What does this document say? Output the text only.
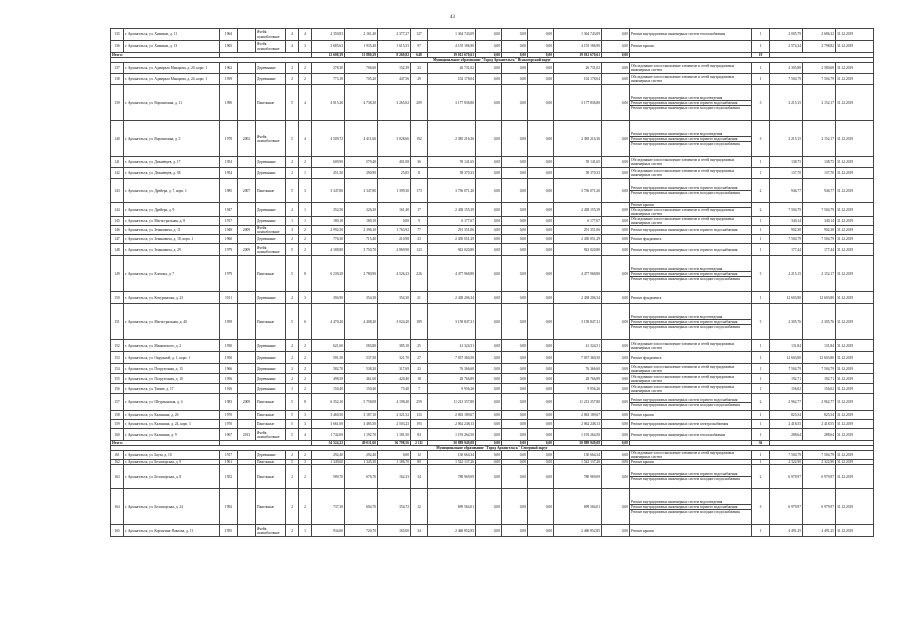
43
135	г. Архангельск, ул. Химиков, д. 11	1964		Ячейк шлакоблочные	4	4	2 350,83	2 161,40	2 377,27	127	1 364 743,09	0,00	0,00	0,00	1 364 743,09	0,00	Ремонт внутридомовых инженерных систем теплоснабжения	1	2 005,79	2 686,32	31.12.2019
136	г. Архангельск, ул. Химиков, д. 13	1965		Ячейк шлакоблочные	4	3	2 685,63	1 935,40	1 615,53	97	4 155 186,90	0,00	0,00	0,00	4 155 186,90	0,00	Ремонт крыши	1	2 574,34	2 798,82	31.12.2019
Итого:							12 608,39	11 880,29	8 269,82	648	19 012 670,61	0,00	0,00	0,00	19 012 670,61	0,00		19			
Муниципальное образование "Город Архангельск" Исакогорский округ																					
137	г. Архангельск, ул. Адмирала Макарова, д. 20, корп. 1	1962		Деревянные	2	2	278,30	706,60	152,39	23	26 731,02	0,00	0,00	0,00	26 731,02	0,00	Обследование и восстановление элементов и сетей внутридомовых инженерных систем	1	2 305,88	2 580,68	31.12.2019
138	г. Архангельск, ул. Адмирала Макарова, д. 24, корп. 1	1959		Деревянные	2	2	773,18	705,20	447,56	29	102 178,04	0,00	0,00	0,00	102 178,04	0,00	Обследование и восстановление элементов и сетей внутридомовых инженерных систем	1	7 504,79	7 504,79	31.12.2019
139	г. Архангельск, ул. Воронихина, д. 11	1990		Панельные	5	4	4 015,20	4 738,30	3 265,02	209	3 177 836,80	0,00	0,00	0,00	3 177 836,80	0,00	Ремонт внутридомовых инженерных систем водоотведения
Ремонт внутридомовых инженерных систем горячего водоснабжения
Ремонт внутридомовых инженерных систем холодного водоснабжения	3	2 215,15	2 152,17	31.12.2019
140	г. Архангельск, ул. Воронихина, д. 5	1978	2002	Ячейк шлакоблочные	5	4	4 509,72	4 411,60	3 028,66	192	2 385 216,36	0,00	0,00	0,00	2 385 216,36	0,00	Ремонт внутридомовых инженерных систем водоотведения
Ремонт внутридомовых инженерных систем горячего водоснабжения
Ремонт внутридомовых инженерных систем холодного водоснабжения	3	2 215,15	2 152,17	31.12.2019
141	г. Архангельск, ул. Дежнёвцев, д. 17	1954		Деревянные	2	2	609,90	579,40	401,08	36	59 141,65	0,00	0,00	0,00	59 141,65	0,00	Обследование и восстановление элементов и сетей внутридомовых инженерных систем	1	138,75	138,75	31.12.2019
142	г. Архангельск, ул. Дежнёвцев, д. 38	1954		Деревянные	2	1	451,50	290,90	25,85	11	58 370,33	0,00	0,00	0,00	58 370,33	0,00	Обследование и восстановление элементов и сетей внутридомовых инженерных систем	1	137,70	137,70	31.12.2019
143	г. Архангельск, ул. Дрейера, д. 7, корп. 1	1985	2007	Панельные	5	3	3 347,80	3 347,80	1 399,30	173	3 756 071,20	0,00	0,00	0,00	3 756 071,20	0,00	Ремонт внутридомовых инженерных систем горячего водоснабжения
Ремонт внутридомовых инженерных систем холодного водоснабжения	2	946,77	946,77	31.12.2019
144	г. Архангельск, ул. Дрейера, д. 9	1947		Деревянные	2	1	352,50	326,30	161,40	17	2 438 155,39	0,00	0,00	0,00	2 438 155,39	0,00	Ремонт крыши
Обследование и восстановление элементов и сетей внутридомовых инженерных систем	2	7 504,79	7 504,79	31.12.2019
145	г. Архангельск, ул. Магистральная, д. 8	1917		Деревянные	1	1	180,10	180,10	0,00	9	6 177,67	0,00	0,00	0,00	6 177,67	0,00	Обследование и восстановление элементов и сетей внутридомовых инженерных систем	1	340,14	340,14	31.12.2019
146	г. Архангельск, ул. Зеньковича, д. 11	1948	2009	Ячейк шлакоблочные	3	2	2 992,50	2 396,10	1 763,92	77	291 351,06	0,00	0,00	0,00	291 351,06	0,00	Ремонт внутридомовых инженерных систем горячего водоснабжения	1	902,38	902,38	31.12.2019
147	г. Архангельск, ул. Зеньковича, д. 18, корп. 1	1960		Деревянные	2	2	776,30	715,40	210,98	23	2 450 051,29	0,00	0,00	0,00	2 450 051,29	0,00	Ремонт фундамента	1	7 504,79	7 504,79	31.12.2019
148	г. Архангельск, ул. Зеньковича, д. 29	1979	2009	Ячейк шлакоблочные	5	2	4 188,80	3 750,70	2 869,90	123	943 020,80	0,00	0,00	0,00	943 020,80	0,00	Ремонт внутридомовых инженерных систем горячего водоснабжения	1	177,44	177,44	31.12.2019
149	г. Архангельск, ул. Клепача, д. 7	1979		Панельные	5	8	6 239,20	2 780,90	4 526,23	226	4 477 968,80	0,00	0,00	0,00	4 477 968,80	0,00	Ремонт внутридомовых инженерных систем водоотведения
Ремонт внутридомовых инженерных систем горячего водоснабжения
Ремонт внутридомовых инженерных систем холодного водоснабжения	3	2 215,15	2 152,17	31.12.2019
150	г. Архангельск, ул. Кочуринская, д. 23	1911		Деревянные	2	3	394,90	354,30	354,30	21	2 438 206,34	0,00	0,00	0,00	2 438 206,34	0,00	Ремонт фундамента	1	12 603,80	12 603,80	31.12.2019
151	г. Архангельск, ул. Магистральная, д. 40	1959		Панельные	5	6	4 470,20	4 408,20	3 024,20	189	3 158 847,31	0,00	0,00	0,00	3 158 847,31	0,00	Ремонт внутридомовых инженерных систем водоотведения
Ремонт внутридомовых инженерных систем горячего водоснабжения
Ремонт внутридомовых инженерных систем холодного водоснабжения	3	2 305,76	2 305,76	31.12.2019
152	г. Архангельск, ул. Маяковского, д. 2	1930		Деревянные	2	2	621,60	583,80	385,10	25	41 324,51	0,00	0,00	0,00	41 324,51	0,00	Обследование и восстановление элементов и сетей внутридомовых инженерных систем	1	131,84	131,84	31.12.2019
153	г. Архангельск, ул. Окружной, д. 1, корп. 1	1950		Деревянные	2	2	591,50	537,50	321,70	27	7 037 360,50	0,00	0,00	0,00	7 037 360,50	0,00	Ремонт фундамента	1	12 603,80	12 603,80	31.12.2019
154	г. Архангельск, ул. Погрузочная, д. 15	1966		Деревянные	2	2	582,70	538,20	317,69	23	76 366,60	0,00	0,00	0,00	76 366,60	0,00	Обследование и восстановление элементов и сетей внутридомовых инженерных систем	1	7 504,79	7 504,79	31.12.2019
155	г. Архангельск, ул. Погрузочная, д. 10	1956		Деревянные	2	2	498,50	461,60	420,40	18	28 766,89	0,00	0,00	0,00	28 766,89	0,00	Обследование и восстановление элементов и сетей внутридомовых инженерных систем	1	192,71	192,71	31.12.2019
156	г. Архангельск, ул. Тимме, д. 17	1916		Деревянные	1	2	150,40	150,40	75,40	7	9 956,26	0,00	0,00	0,00	9 956,26	0,00	Обследование и восстановление элементов и сетей внутридомовых инженерных систем	1	156,02	156,02	31.12.2019
157	г. Архангельск, ул. Штурманская, д. 4	1983	2009	Панельные	5	8	6 352,10	5 758,08	4 198,40	259	11 213 357,80	0,00	0,00	0,00	11 213 357,80	0,00	Ремонт внутридомовых инженерных систем горячего водоснабжения
Ремонт внутридомовых инженерных систем холодного водоснабжения	2	2 962,77	2 962,77	31.12.2019
158	г. Архангельск, ул. Калинина, д. 26	1970		Панельные	5	3	3 460,50	3 187,10	2 321,52	133	2 063 189,67	0,00	0,00	0,00	2 063 189,67	0,00	Ремонт крыши	1	825,54	825,54	31.12.2019
159	г. Архангельск, ул. Калинина, д. 24, корп. 1	1970		Панельные	5	3	3 661,00	3 485,50	2 503,23	193	2 062 248,13	0,00	0,00	0,00	2 062 248,13	0,00	Ремонт внутридомовых инженерных систем электроснабжения	1	2 418,55	2 418,55	31.12.2019
160	г. Архангельск, ул. Калинина, д. 9	1967	2013	Ячейк шлакоблочные	5	4	1 742,00	1 192,70	1 181,50	84	1 193 264,50	0,00	0,00	0,00	1 193 264,50	0,00	Ремонт внутридомовых инженерных систем теплоснабжения	1	288,64	288,64	31.12.2019
Итого:							54 524,22	49 011,60	36 798,56	2 111	50 889 949,08	0,00	0,00	0,00	50 889 949,08	0,00		36			
Муниципальное образование "Город Архангельск" Северный округ																					
161	г. Архангельск, ул. Бауза, д. 10	1917		Деревянные	2	2	292,40	292,40	0,00	12	130 664,34	0,00	0,00	0,00	130 664,34	0,00	Обследование и восстановление элементов и сетей внутридомовых инженерных систем	1	7 504,79	7 504,79	31.12.2019
162	г. Архангельск, ул. Беломорская, д. 9	1961		Панельные	5	3	1 349,60	1 345,30	1 186,70	80	1 542 137,26	0,00	0,00	0,00	1 542 137,26	0,00	Ремонт крыши	1	2 322,90	2 322,90	31.12.2019
163	г. Архангельск, ул. Беломорская, д. 8	1952		Панельные	2	2	589,70	676,70	162,33	34	780 969,09	0,00	0,00	0,00	780 969,09	0,00	Ремонт внутридомовых инженерных систем горячего водоснабжения
Ремонт внутридомовых инженерных систем холодного водоснабжения	2	6 979,97	6 979,97	31.12.2019
164	г. Архангельск, ул. Беломорская, д. 24	1992		Панельные	2	2	737,30	604,70	354,72	12	699 564,01	0,00	0,00	0,00	699 564,01	0,00	Ремонт внутридомовых инженерных систем водоотведения
Ремонт внутридомовых инженерных систем горячего водоснабжения
Ремонт внутридомовых инженерных систем холодного водоснабжения	3	6 979,97	6 979,97	31.12.2019
165	г. Архангельск, ул. Корчагина-Павлова, д. 11	1955		Ячейк шлакоблочные	2	1	934,60	720,70	165,00	34	2 460 852,85	0,00	0,00	0,00	2 460 852,85	0,00	Ремонт крыши	1	4 491,25	4 491,25	31.12.2019
